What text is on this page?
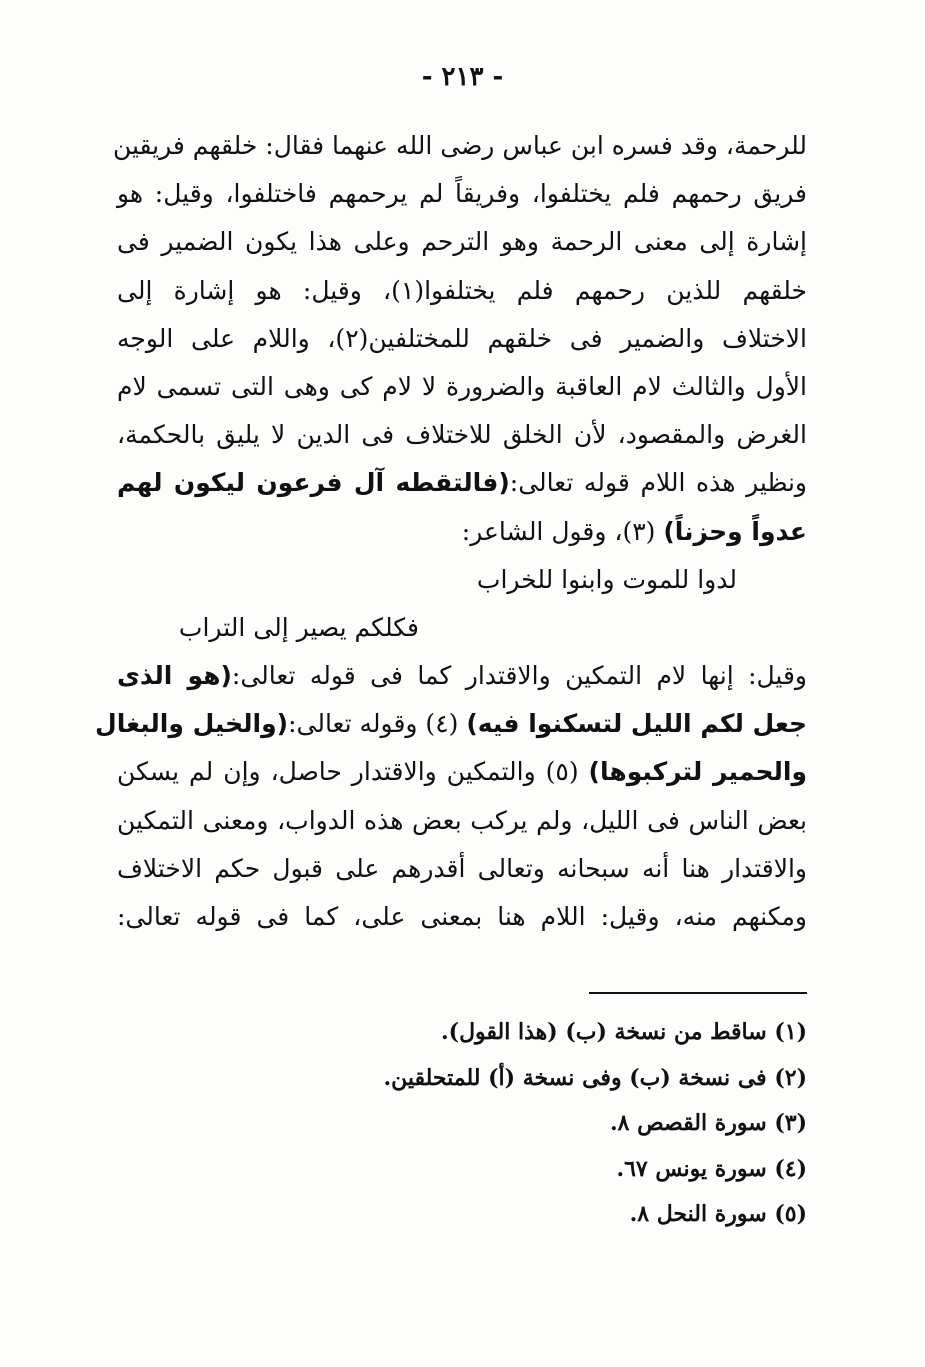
- ٢١٣ -
للرحمة، وقد فسره ابن عباس رضى الله عنهما فقال: خلقهم فريقين
فريق رحمهم فلم يختلفوا، وفريقاً لم يرحمهم فاختلفوا، وقيل: هو
إشارة إلى معنى الرحمة وهو الترحم وعلى هذا يكون الضمير فى
خلقهم للذين رحمهم فلم يختلفوا(١)، وقيل: هو إشارة إلى
الاختلاف والضمير فى خلقهم للمختلفين(٢)، واللام على الوجه
الأول والثالث لام العاقبة والضرورة لا لام كى وهى التى تسمى لام
الغرض والمقصود، لأن الخلق للاختلاف فى الدين لا يليق بالحكمة،
ونظير هذه اللام قوله تعالى:(فالتقطه آل فرعون ليكون لهم
عدواً وحزناً) (٣)، وقول الشاعر:
لدوا للموت وابنوا للخراب
فكلكم يصير إلى التراب
وقيل: إنها لام التمكين والاقتدار كما فى قوله تعالى:(هو الذى
جعل لكم الليل لتسكنوا فيه) (٤) وقوله تعالى:(والخيل والبغال
والحمير لتركبوها) (٥) والتمكين والاقتدار حاصل، وإن لم يسكن
بعض الناس فى الليل، ولم يركب بعض هذه الدواب، ومعنى التمكين
والاقتدار هنا أنه سبحانه وتعالى أقدرهم على قبول حكم الاختلاف
ومكنهم منه، وقيل: اللام هنا بمعنى على، كما فى قوله تعالى:
(١) ساقط من نسخة (ب) (هذا القول).
(٢) فى نسخة (ب) وفى نسخة (أ) للمتحلقين.
(٣) سورة القصص ٨.
(٤) سورة يونس ٦٧.
(٥) سورة النحل ٨.
